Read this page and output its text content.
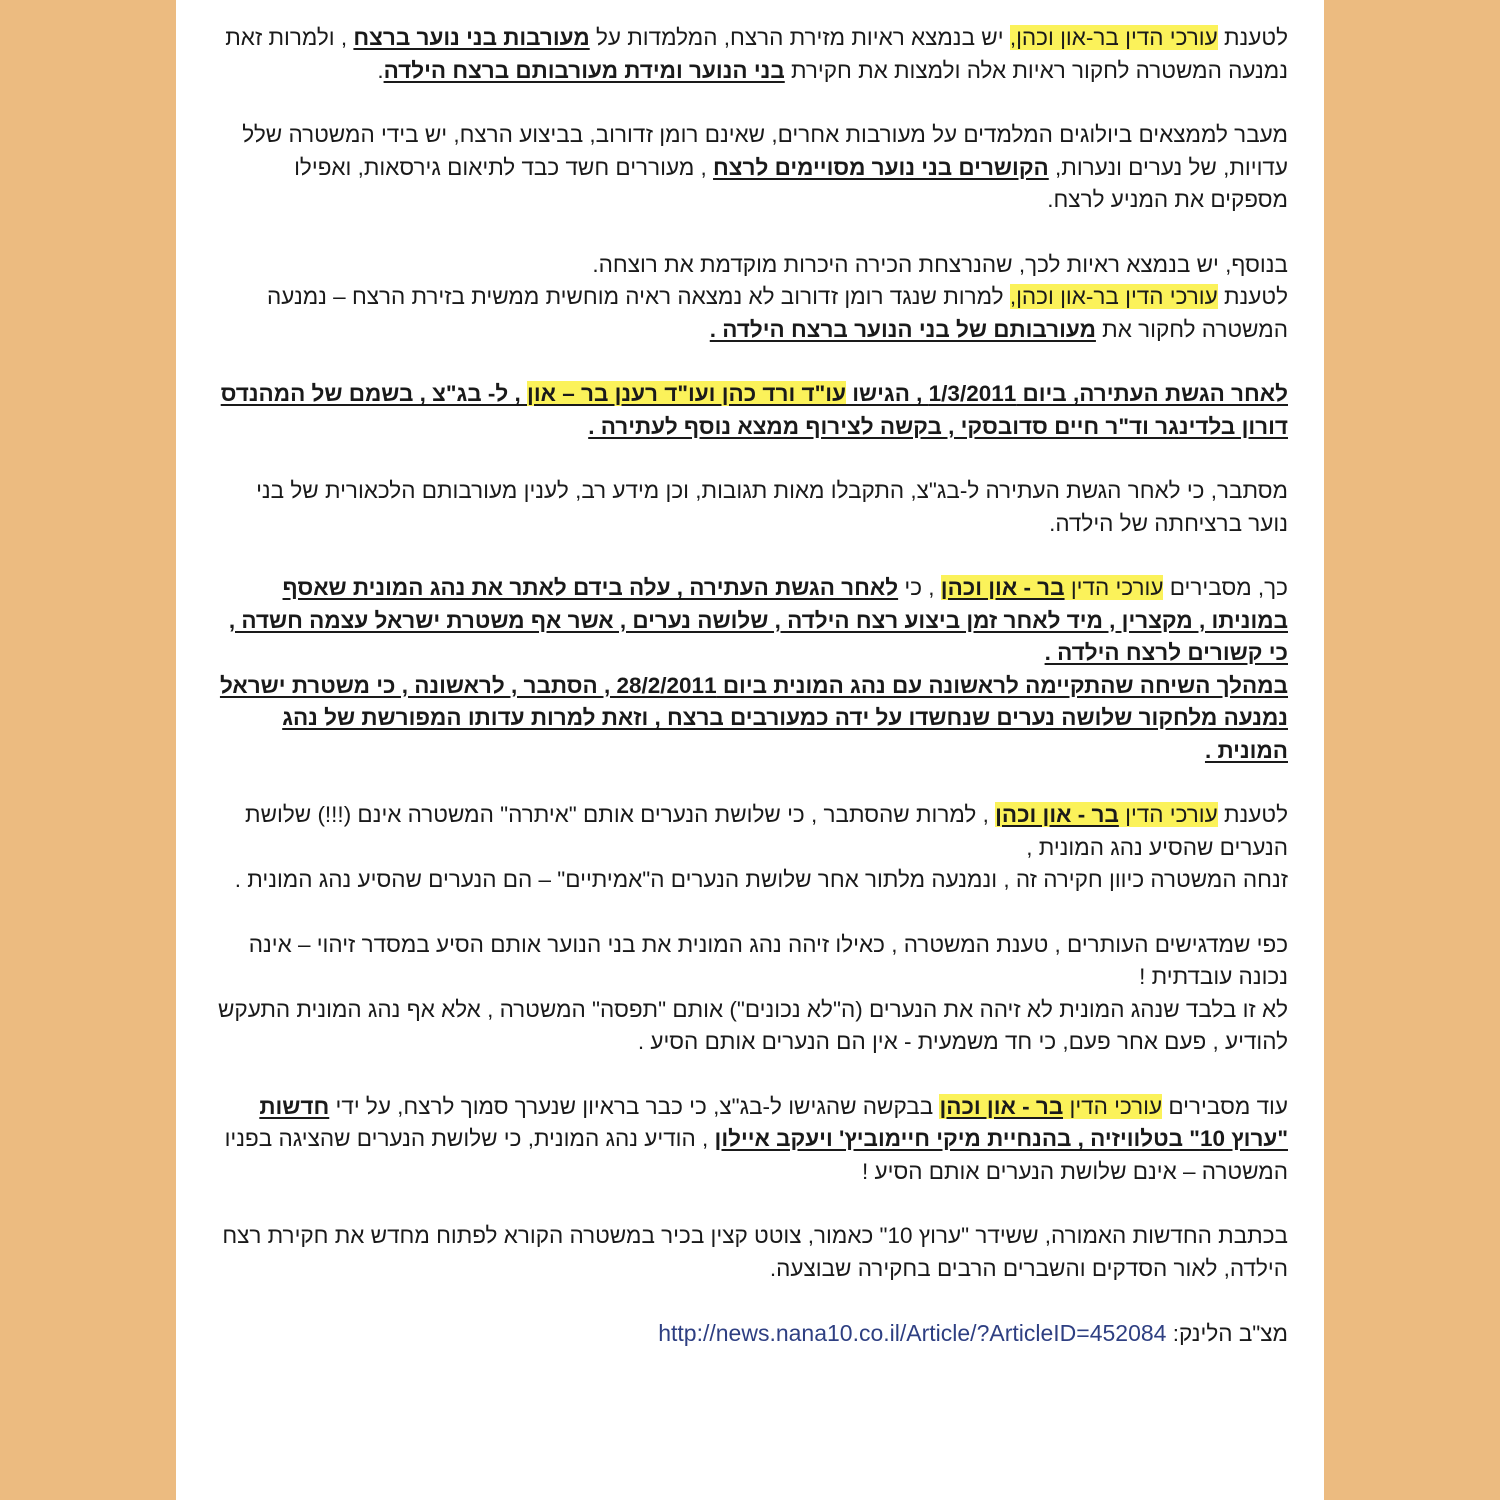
לטענת עורכי הדין בר-און וכהן, יש בנמצא ראיות מזירת הרצח, המלמדות על מעורבות בני נוער ברצח , ולמרות זאת נמנעה המשטרה לחקור ראיות אלה ולמצות את חקירת בני הנוער ומידת מעורבותם ברצח הילדה.

מעבר לממצאים ביולוגים המלמדים על מעורבות אחרים, שאינם רומן זדורוב, בביצוע הרצח, יש בידי המשטרה שלל עדויות, של נערים ונערות, הקושרים בני נוער מסויימים לרצח , מעוררים חשד כבד לתיאום גירסאות, ואפילו מספקים את המניע לרצח.

בנוסף, יש בנמצא ראיות לכך, שהנרצחת הכירה היכרות מוקדמת את רוצחה.
לטענת עורכי הדין בר-און וכהן, למרות שנגד רומן זדורוב לא נמצאה ראיה מוחשית ממשית בזירת הרצח – נמנעה המשטרה לחקור את מעורבותם של בני הנוער ברצח הילדה .

לאחר הגשת העתירה, ביום 1/3/2011 , הגישו עו"ד ורד כהן ועו"ד רענן בר – און , ל- בג"צ , בשמם של המהנדס דורון בלדינגר וד"ר חיים סדובסקי , בקשה לצירוף ממצא נוסף לעתירה .

מסתבר, כי לאחר הגשת העתירה ל-בג"צ, התקבלו מאות תגובות, וכן מידע רב, לענין מעורבותם הלכאורית של בני נוער ברציחתה של הילדה.

כך, מסבירים עורכי הדין בר - און וכהן , כי לאחר הגשת העתירה , עלה בידם לאתר את נהג המונית שאסף במוניתו , מקצרין , מיד לאחר זמן ביצוע רצח הילדה , שלושה נערים , אשר אף משטרת ישראל עצמה חשדה , כי קשורים לרצח הילדה .
במהלך השיחה שהתקיימה לראשונה עם נהג המונית ביום 28/2/2011 , הסתבר , לראשונה , כי משטרת ישראל נמנעה מלחקור שלושה נערים שנחשדו על ידה כמעורבים ברצח , וזאת למרות עדותו המפורשת של נהג המונית .

לטענת עורכי הדין בר - און וכהן , למרות שהסתבר , כי שלושת הנערים אותם "איתרה" המשטרה אינם (!!!) שלושת הנערים שהסיע נהג המונית ,
זנחה המשטרה כיוון חקירה זה , ונמנעה מלתור אחר שלושת הנערים ה"אמיתיים" – הם הנערים שהסיע נהג המונית .

כפי שמדגישים העותרים , טענת המשטרה , כאילו זיהה נהג המונית את בני הנוער אותם הסיע במסדר זיהוי – אינה נכונה עובדתית !
לא זו בלבד שנהג המונית לא זיהה את הנערים (ה"לא נכונים") אותם "תפסה" המשטרה , אלא אף נהג המונית התעקש להודיע , פעם אחר פעם, כי חד משמעית - אין הם הנערים אותם הסיע .

עוד מסבירים עורכי הדין בר - און וכהן בבקשה שהגישו ל-בג"צ, כי כבר בראיון שנערך סמוך לרצח, על ידי חדשות "ערוץ 10" בטלוויזיה , בהנחיית מיקי חיימוביץ' ויעקב איילון , הודיע נהג המונית, כי שלושת הנערים שהציגה בפניו המשטרה – אינם שלושת הנערים אותם הסיע !

בכתבת החדשות האמורה, ששידר "ערוץ 10" כאמור, צוטט קצין בכיר במשטרה הקורא לפתוח מחדש את חקירת רצח הילדה, לאור הסדקים והשברים הרבים בחקירה שבוצעה.

מצ"ב הלינק: http://news.nana10.co.il/Article/?ArticleID=452084
